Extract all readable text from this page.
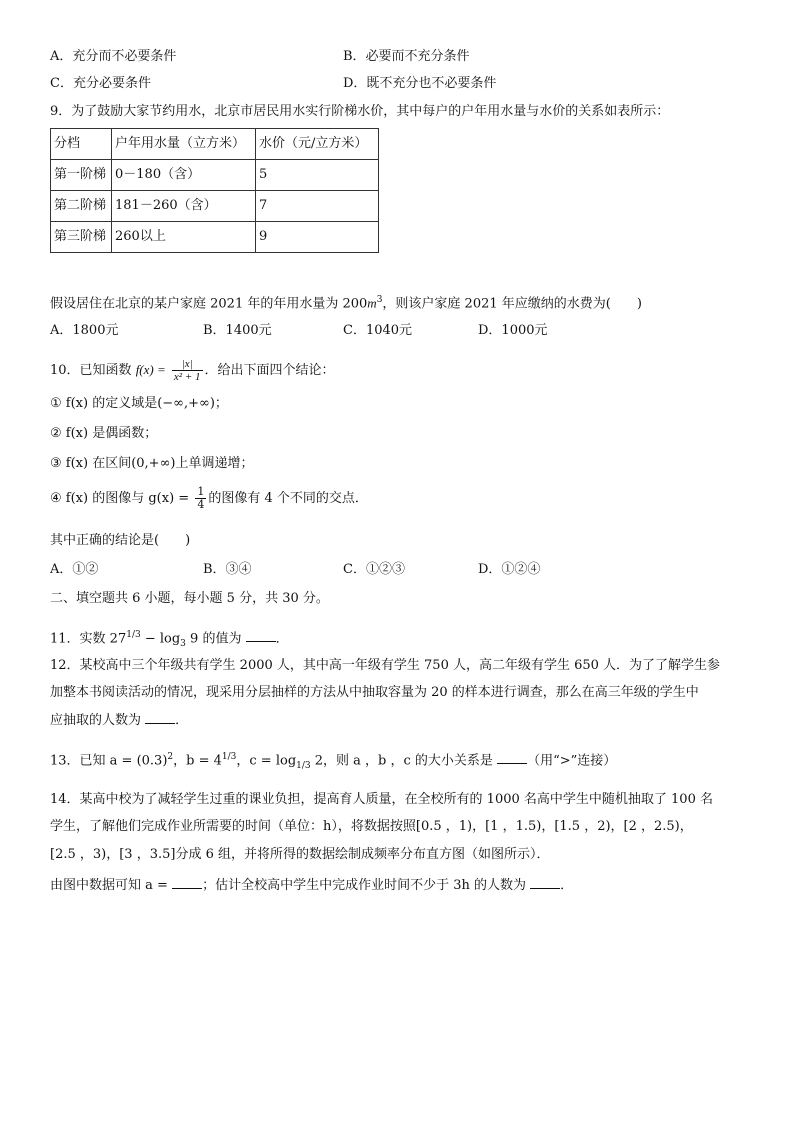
A．充分而不必要条件	B．必要而不充分条件
C．充分必要条件	D．既不充分也不必要条件
9．为了鼓励大家节约用水，北京市居民用水实行阶梯水价，其中每户的户年用水量与水价的关系如表所示：
分档	户年用水量（立方米）	水价（元/立方米）
第一阶梯	0－180（含）	5
第二阶梯	181－260（含）	7
第三阶梯	260以上	9
假设居住在北京的某户家庭 2021 年的年用水量为 $200m^3$，则该户家庭 2021 年应缴纳的水费为(　　)
A．1800元	B．1400元	C．1040元	D．1000元
10．已知函数 $f(x) = \frac{|x|}{\text{x² + 1}}$ ．给出下面四个结论：
① f(x) 的定义域是(−∞,+∞)；
② f(x) 是偶函数；
③ f(x) 在区间(0,+∞)上单调递增；
④ f(x) 的图像与 $g(x) = \frac{1}{4}$ 的图像有 4 个不同的交点．
其中正确的结论是(　　)
A．①②	B．③④	C．①②③	D．①②④
二、填空题共 6 小题，每小题 5 分，共 30 分。
11．实数 $27^{1/3} - \log_3 9$ 的值为	．
12．某校高中三个年级共有学生 2000 人，其中高一年级有学生 750 人，高二年级有学生 650 人．为了了解学生参
加整本书阅读活动的情况，现采用分层抽样的方法从中抽取容量为 20 的样本进行调查，那么在高三年级的学生中
应抽取的人数为	．
13．已知 $a = (0.3)^2$，$b = 4^{1/3}$，$c = \log_{1/3} 2$，则 a ，b ，c 的大小关系是	（用“>”连接）
14．某高中校为了减轻学生过重的课业负担，提高育人质量，在全校所有的 1000 名高中学生中随机抽取了 100 名
学生，了解他们完成作业所需要的时间（单位：h），将数据按照[0.5 ，1)，[1 ，1.5)，[1.5 ，2)，[2 ，2.5)，
[2.5 ，3)，[3 ，3.5]分成 6 组，并将所得的数据绘制成频率分布直方图（如图所示）．
由图中数据可知 a =	；估计全校高中学生中完成作业时间不少于 3h 的人数为	．
